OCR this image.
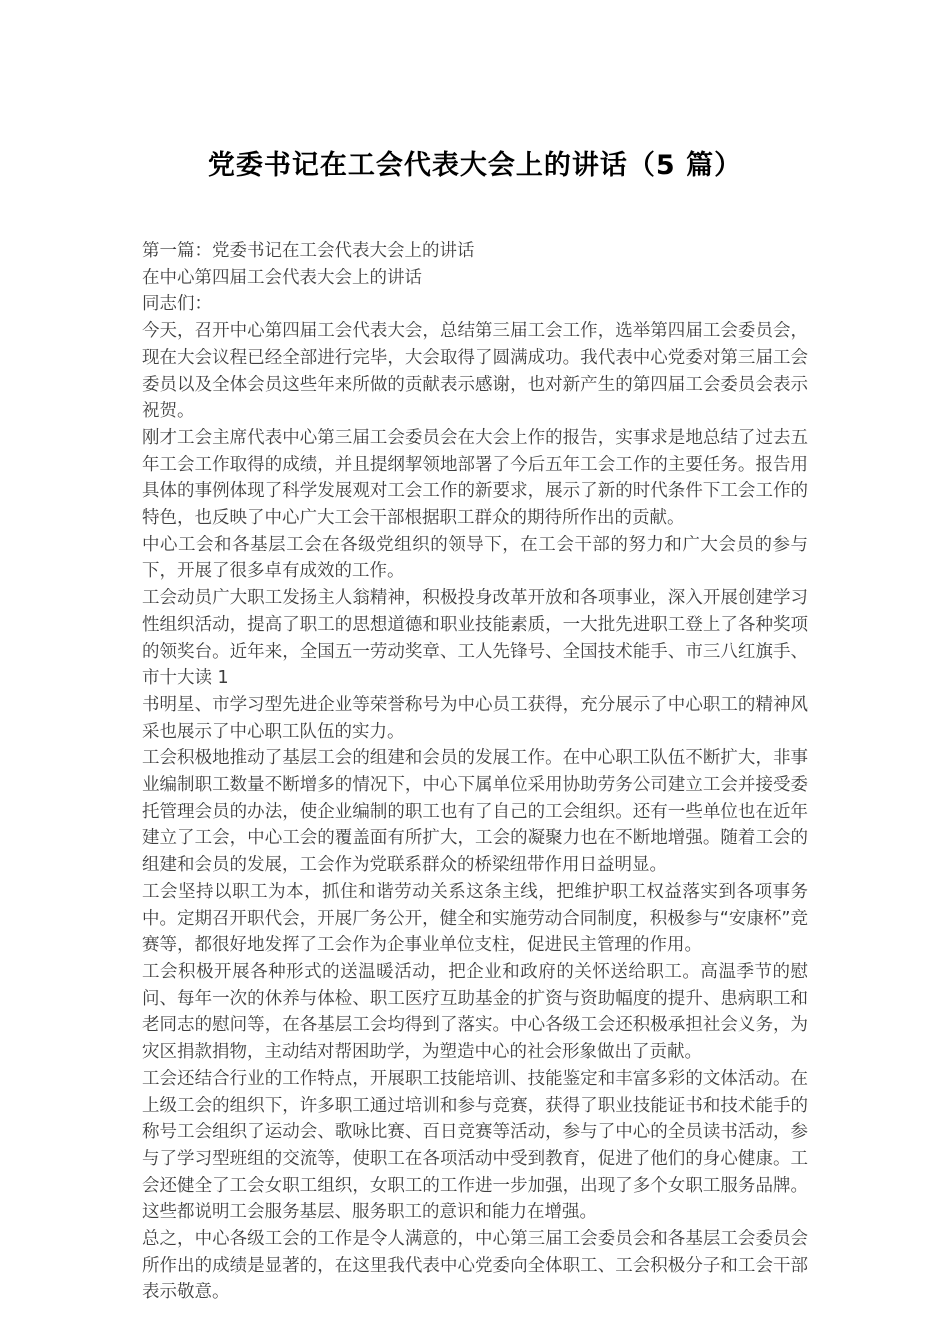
党委书记在工会代表大会上的讲话（5 篇）

第一篇：党委书记在工会代表大会上的讲话

在中心第四届工会代表大会上的讲话

同志们：

今天，召开中心第四届工会代表大会，总结第三届工会工作，选举第四届工会委员会，现在大会议程已经全部进行完毕，大会取得了圆满成功。我代表中心党委对第三届工会委员以及全体会员这些年来所做的贡献表示感谢，也对新产生的第四届工会委员会表示祝贺。

刚才工会主席代表中心第三届工会委员会在大会上作的报告，实事求是地总结了过去五年工会工作取得的成绩，并且提纲挈领地部署了今后五年工会工作的主要任务。报告用具体的事例体现了科学发展观对工会工作的新要求，展示了新的时代条件下工会工作的特色，也反映了中心广大工会干部根据职工群众的期待所作出的贡献。

中心工会和各基层工会在各级党组织的领导下，在工会干部的努力和广大会员的参与下，开展了很多卓有成效的工作。

工会动员广大职工发扬主人翁精神，积极投身改革开放和各项事业，深入开展创建学习性组织活动，提高了职工的思想道德和职业技能素质，一大批先进职工登上了各种奖项的领奖台。近年来，全国五一劳动奖章、工人先锋号、全国技术能手、市三八红旗手、市十大读 1

书明星、市学习型先进企业等荣誉称号为中心员工获得，充分展示了中心职工的精神风采也展示了中心职工队伍的实力。

工会积极地推动了基层工会的组建和会员的发展工作。在中心职工队伍不断扩大，非事业编制职工数量不断增多的情况下，中心下属单位采用协助劳务公司建立工会并接受委托管理会员的办法，使企业编制的职工也有了自己的工会组织。还有一些单位也在近年建立了工会，中心工会的覆盖面有所扩大，工会的凝聚力也在不断地增强。随着工会的组建和会员的发展，工会作为党联系群众的桥梁纽带作用日益明显。

工会坚持以职工为本，抓住和谐劳动关系这条主线，把维护职工权益落实到各项事务中。定期召开职代会，开展厂务公开，健全和实施劳动合同制度，积极参与“安康杯”竞赛等，都很好地发挥了工会作为企事业单位支柱，促进民主管理的作用。

工会积极开展各种形式的送温暖活动，把企业和政府的关怀送给职工。高温季节的慰问、每年一次的休养与体检、职工医疗互助基金的扩资与资助幅度的提升、患病职工和老同志的慰问等，在各基层工会均得到了落实。中心各级工会还积极承担社会义务，为灾区捐款捐物，主动结对帮困助学，为塑造中心的社会形象做出了贡献。

工会还结合行业的工作特点，开展职工技能培训、技能鉴定和丰富多彩的文体活动。在上级工会的组织下，许多职工通过培训和参与竞赛，获得了职业技能证书和技术能手的称号工会组织了运动会、歌咏比赛、百日竞赛等活动，参与了中心的全员读书活动，参与了学习型班组的交流等，使职工在各项活动中受到教育，促进了他们的身心健康。工会还健全了工会女职工组织，女职工的工作进一步加强，出现了多个女职工服务品牌。这些都说明工会服务基层、服务职工的意识和能力在增强。

总之，中心各级工会的工作是令人满意的，中心第三届工会委员会和各基层工会委员会所作出的成绩是显著的，在这里我代表中心党委向全体职工、工会积极分子和工会干部表示敬意。
